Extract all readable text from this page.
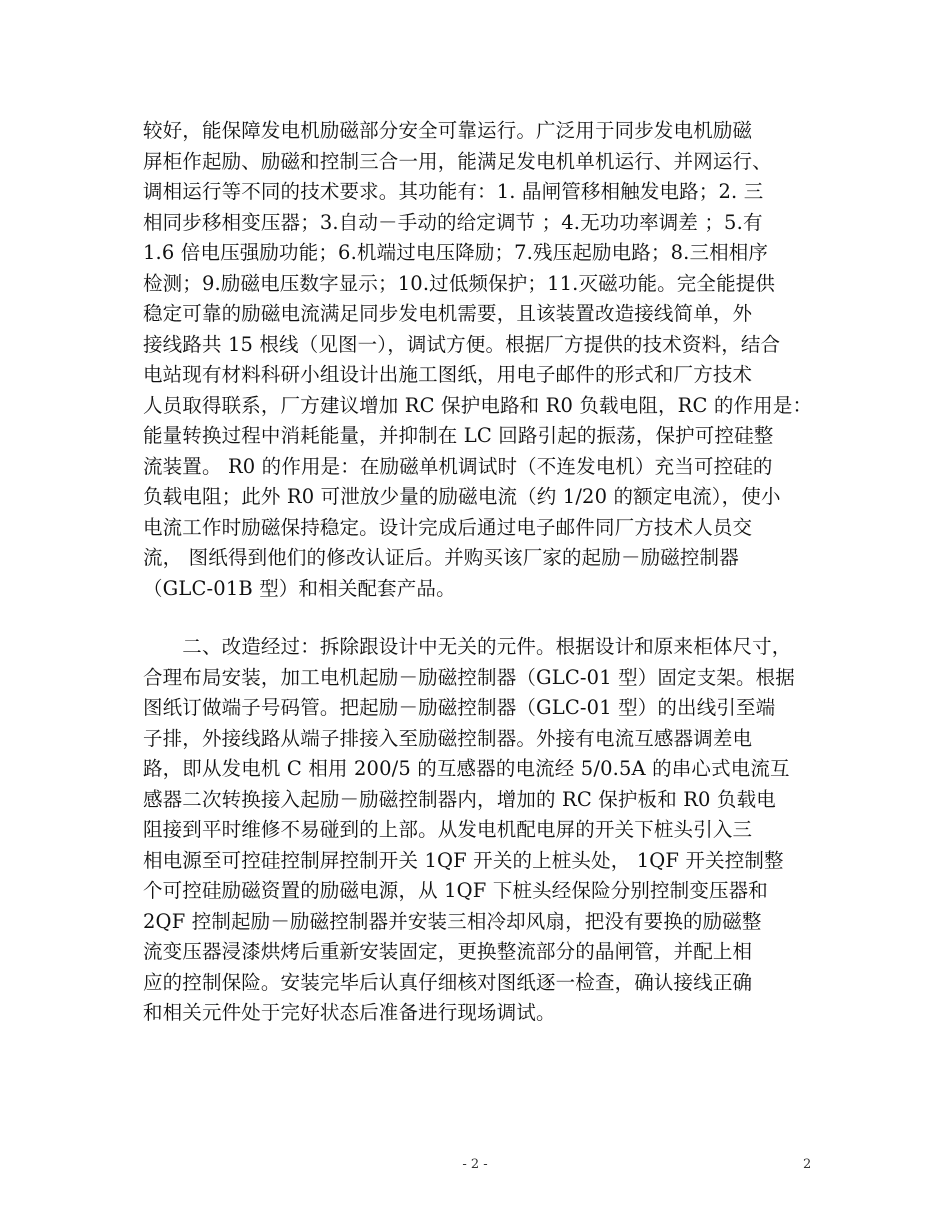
较好，能保障发电机励磁部分安全可靠运行。广泛用于同步发电机励磁
屏柜作起励、励磁和控制三合一用，能满足发电机单机运行、并网运行、
调相运行等不同的技术要求。其功能有：1. 晶闸管移相触发电路；2. 三
相同步移相变压器；3.自动－手动的给定调节 ；4.无功功率调差 ；5.有
1.6 倍电压强励功能；6.机端过电压降励；7.残压起励电路；8.三相相序
检测；9.励磁电压数字显示；10.过低频保护；11.灭磁功能。完全能提供
稳定可靠的励磁电流满足同步发电机需要，且该装置改造接线简单，外
接线路共 15 根线（见图一），调试方便。根据厂方提供的技术资料，结合
电站现有材料科研小组设计出施工图纸，用电子邮件的形式和厂方技术
人员取得联系，厂方建议增加 RC 保护电路和 R0 负载电阻，RC 的作用是：
能量转换过程中消耗能量，并抑制在 LC 回路引起的振荡，保护可控硅整
流装置。 R0 的作用是：在励磁单机调试时（不连发电机）充当可控硅的
负载电阻；此外 R0 可泄放少量的励磁电流（约 1/20 的额定电流），使小
电流工作时励磁保持稳定。设计完成后通过电子邮件同厂方技术人员交
流， 图纸得到他们的修改认证后。并购买该厂家的起励－励磁控制器
（GLC-01B 型）和相关配套产品。
　　二、改造经过：拆除跟设计中无关的元件。根据设计和原来柜体尺寸，
合理布局安装，加工电机起励－励磁控制器（GLC-01 型）固定支架。根据
图纸订做端子号码管。把起励－励磁控制器（GLC-01 型）的出线引至端
子排，外接线路从端子排接入至励磁控制器。外接有电流互感器调差电
路，即从发电机 C 相用 200/5 的互感器的电流经 5/0.5A 的串心式电流互
感器二次转换接入起励－励磁控制器内，增加的 RC 保护板和 R0 负载电
阻接到平时维修不易碰到的上部。从发电机配电屏的开关下桩头引入三
相电源至可控硅控制屏控制开关 1QF 开关的上桩头处， 1QF 开关控制整
个可控硅励磁资置的励磁电源，从 1QF 下桩头经保险分别控制变压器和
2QF 控制起励－励磁控制器并安装三相冷却风扇，把没有要换的励磁整
流变压器浸漆烘烤后重新安装固定，更换整流部分的晶闸管，并配上相
应的控制保险。安装完毕后认真仔细核对图纸逐一检查，确认接线正确
和相关元件处于完好状态后准备进行现场调试。
- 2 -	2
